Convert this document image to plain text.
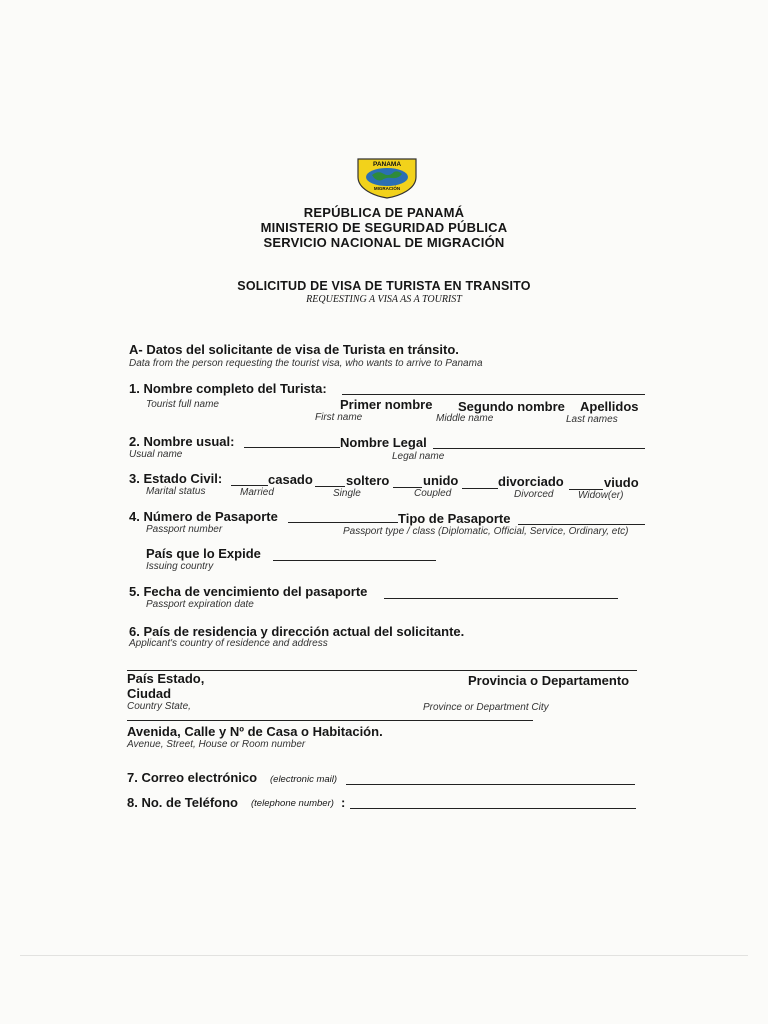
PANAMA
MIGRACIÓN
REPÚBLICA DE PANAMÁ
MINISTERIO DE SEGURIDAD PÚBLICA
SERVICIO NACIONAL DE MIGRACIÓN
SOLICITUD DE VISA DE TURISTA EN TRANSITO
REQUESTING A VISA AS A TOURIST
A- Datos del solicitante de visa de Turista en tránsito.
Data from the person requesting the tourist visa, who wants to arrive to Panama
1. Nombre completo del Turista:
Tourist full name	Primer nombre Segundo nombre Apellidos
First name	Middle name	Last names
2. Nombre usual:	Nombre Legal
Usual name	Legal name
3. Estado Civil:	casado	soltero	unido	divorciado	viudo
Marital status	Married	Single	Coupled	Divorced Widow(er)
4. Número de Pasaporte	Tipo de Pasaporte
Passport number	Passport type / class (Diplomatic, Official, Service, Ordinary, etc)
País que lo Expide
Issuing country
5. Fecha de vencimiento del pasaporte
Passport expiration date
6. País de residencia y dirección actual del solicitante.
Applicant's country of residence and address
País Estado,
Ciudad
Provincia o Departamento
Country State,	Province or Department City
Avenida, Calle y Nº de Casa o Habitación.
Avenue, Street, House or Room number
7. Correo electrónico (electronic mail)
8. No. de Teléfono (telephone number) :
